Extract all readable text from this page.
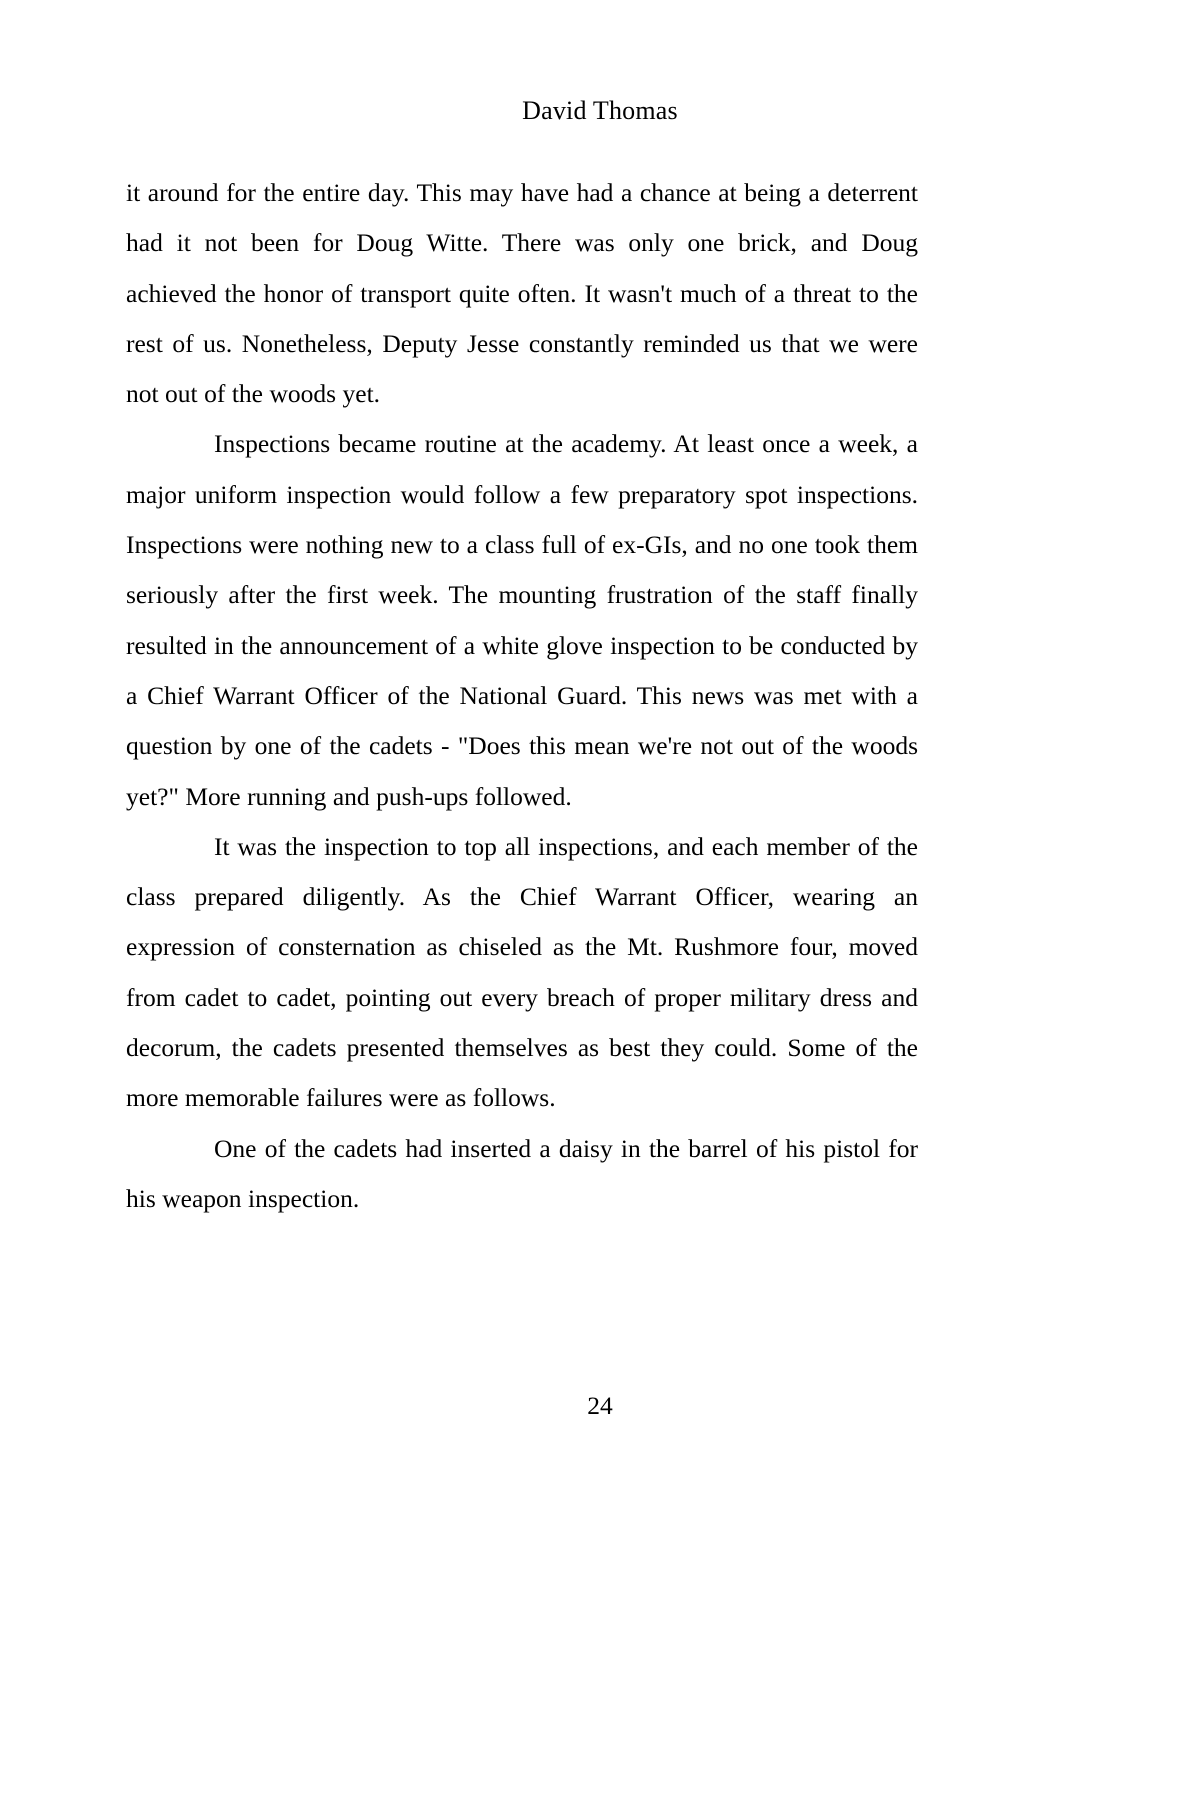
David Thomas

it around for the entire day. This may have had a chance at being a deterrent had it not been for Doug Witte. There was only one brick, and Doug achieved the honor of transport quite often. It wasn't much of a threat to the rest of us. Nonetheless, Deputy Jesse constantly reminded us that we were not out of the woods yet.

Inspections became routine at the academy. At least once a week, a major uniform inspection would follow a few preparatory spot inspections. Inspections were nothing new to a class full of ex-GIs, and no one took them seriously after the first week. The mounting frustration of the staff finally resulted in the announcement of a white glove inspection to be conducted by a Chief Warrant Officer of the National Guard. This news was met with a question by one of the cadets - "Does this mean we're not out of the woods yet?" More running and push-ups followed.

It was the inspection to top all inspections, and each member of the class prepared diligently. As the Chief Warrant Officer, wearing an expression of consternation as chiseled as the Mt. Rushmore four, moved from cadet to cadet, pointing out every breach of proper military dress and decorum, the cadets presented themselves as best they could. Some of the more memorable failures were as follows.

One of the cadets had inserted a daisy in the barrel of his pistol for his weapon inspection.

24
